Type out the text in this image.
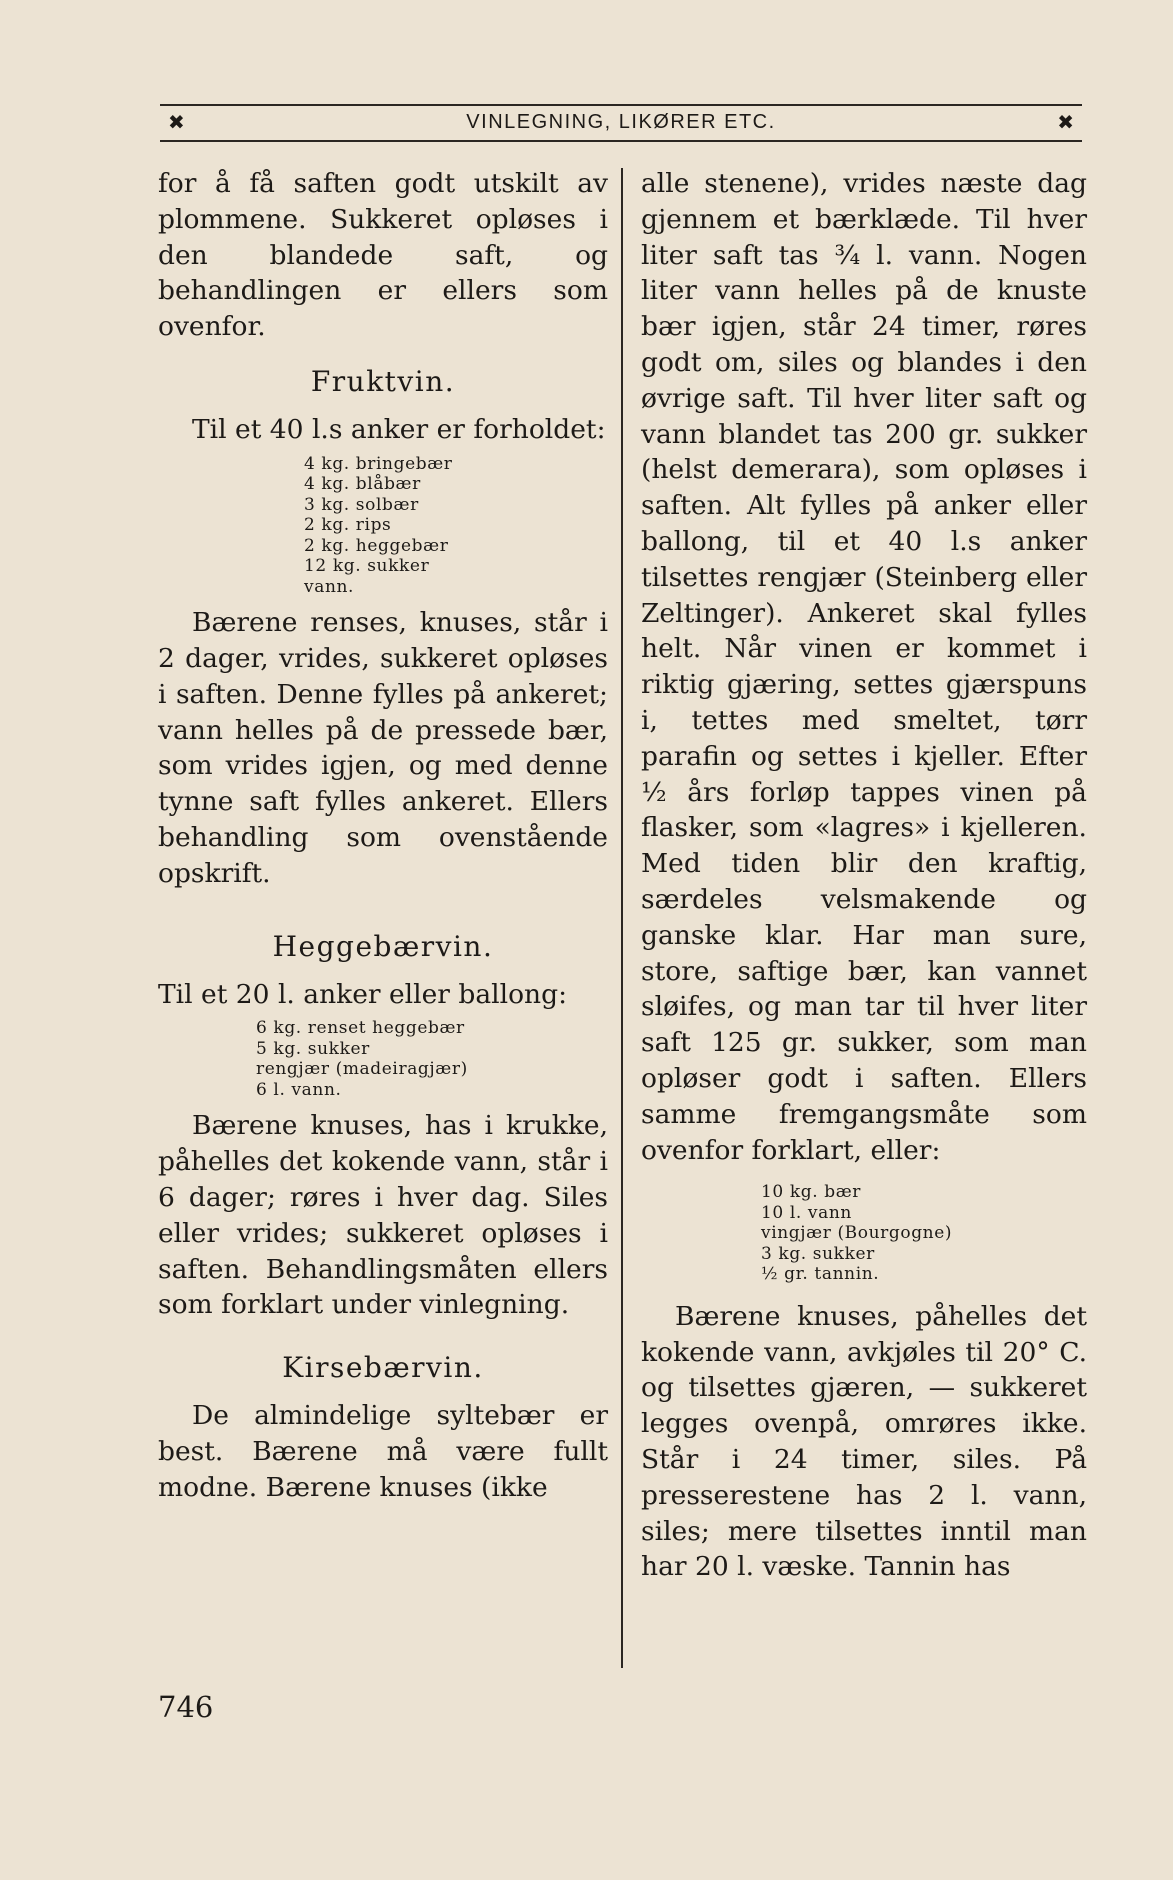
✖	VINLEGNING, LIKØRER ETC.	✖

for å få saften godt utskilt av plommene. Sukkeret opløses i den blandede saft, og behandlingen er ellers som ovenfor.

Fruktvin.

Til et 40 l.s anker er forholdet:

4 kg. bringebær
4 kg. blåbær
3 kg. solbær
2 kg. rips
2 kg. heggebær
12 kg. sukker
vann.

Bærene renses, knuses, står i 2 dager, vrides, sukkeret opløses i saften. Denne fylles på ankeret; vann helles på de pressede bær, som vrides igjen, og med denne tynne saft fylles ankeret. Ellers behandling som ovenstående opskrift.

Heggebærvin.

Til et 20 l. anker eller ballong:

6 kg. renset heggebær
5 kg. sukker
rengjær (madeiragjær)
6 l. vann.

Bærene knuses, has i krukke, påhelles det kokende vann, står i 6 dager; røres i hver dag. Siles eller vrides; sukkeret opløses i saften. Behandlingsmåten ellers som forklart under vinlegning.

Kirsebærvin.

De almindelige syltebær er best. Bærene må være fullt modne. Bærene knuses (ikke

alle stenene), vrides næste dag gjennem et bærklæde. Til hver liter saft tas ¾ l. vann. Nogen liter vann helles på de knuste bær igjen, står 24 timer, røres godt om, siles og blandes i den øvrige saft. Til hver liter saft og vann blandet tas 200 gr. sukker (helst demerara), som opløses i saften. Alt fylles på anker eller ballong, til et 40 l.s anker tilsettes rengjær (Steinberg eller Zeltinger). Ankeret skal fylles helt. Når vinen er kommet i riktig gjæring, settes gjærspuns i, tettes med smeltet, tørr parafin og settes i kjeller. Efter ½ års forløp tappes vinen på flasker, som «lagres» i kjelleren. Med tiden blir den kraftig, særdeles velsmakende og ganske klar. Har man sure, store, saftige bær, kan vannet sløifes, og man tar til hver liter saft 125 gr. sukker, som man opløser godt i saften. Ellers samme fremgangsmåte som ovenfor forklart, eller:

10 kg. bær
10 l. vann
vingjær (Bourgogne)
3 kg. sukker
½ gr. tannin.

Bærene knuses, påhelles det kokende vann, avkjøles til 20° C. og tilsettes gjæren, — sukkeret legges ovenpå, omrøres ikke. Står i 24 timer, siles. På presserestene has 2 l. vann, siles; mere tilsettes inntil man har 20 l. væske. Tannin has

746
